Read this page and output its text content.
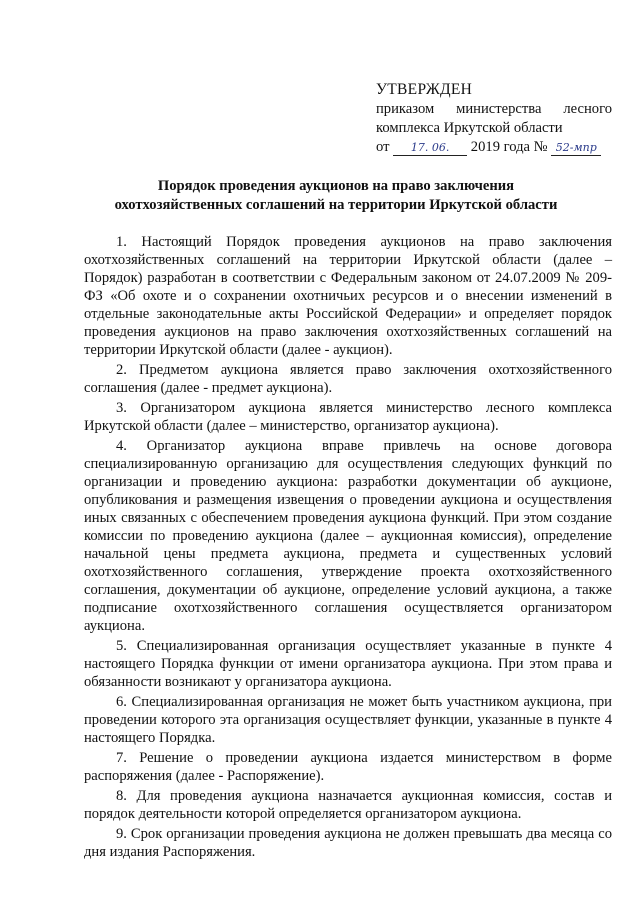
УТВЕРЖДЕН
приказом министерства лесного
комплекса Иркутской области
от 17. 06. 2019 года № 52-мпр
Порядок проведения аукционов на право заключения
охотхозяйственных соглашений на территории Иркутской области

1. Настоящий Порядок проведения аукционов на право заключения охотхозяйственных соглашений на территории Иркутской области (далее – Порядок) разработан в соответствии с Федеральным законом от 24.07.2009 № 209-ФЗ «Об охоте и о сохранении охотничьих ресурсов и о внесении изменений в отдельные законодательные акты Российской Федерации» и определяет порядок проведения аукционов на право заключения охотхозяйственных соглашений на территории Иркутской области (далее - аукцион).

2. Предметом аукциона является право заключения охотхозяйственного соглашения (далее - предмет аукциона).

3. Организатором аукциона является министерство лесного комплекса Иркутской области (далее – министерство, организатор аукциона).

4. Организатор аукциона вправе привлечь на основе договора специализированную организацию для осуществления следующих функций по организации и проведению аукциона: разработки документации об аукционе, опубликования и размещения извещения о проведении аукциона и осуществления иных связанных с обеспечением проведения аукциона функций. При этом создание комиссии по проведению аукциона (далее – аукционная комиссия), определение начальной цены предмета аукциона, предмета и существенных условий охотхозяйственного соглашения, утверждение проекта охотхозяйственного соглашения, документации об аукционе, определение условий аукциона, а также подписание охотхозяйственного соглашения осуществляется организатором аукциона.

5. Специализированная организация осуществляет указанные в пункте 4 настоящего Порядка функции от имени организатора аукциона. При этом права и обязанности возникают у организатора аукциона.

6. Специализированная организация не может быть участником аукциона, при проведении которого эта организация осуществляет функции, указанные в пункте 4 настоящего Порядка.

7. Решение о проведении аукциона издается министерством в форме распоряжения (далее - Распоряжение).

8. Для проведения аукциона назначается аукционная комиссия, состав и порядок деятельности которой определяется организатором аукциона.

9. Срок организации проведения аукциона не должен превышать два месяца со дня издания Распоряжения.
